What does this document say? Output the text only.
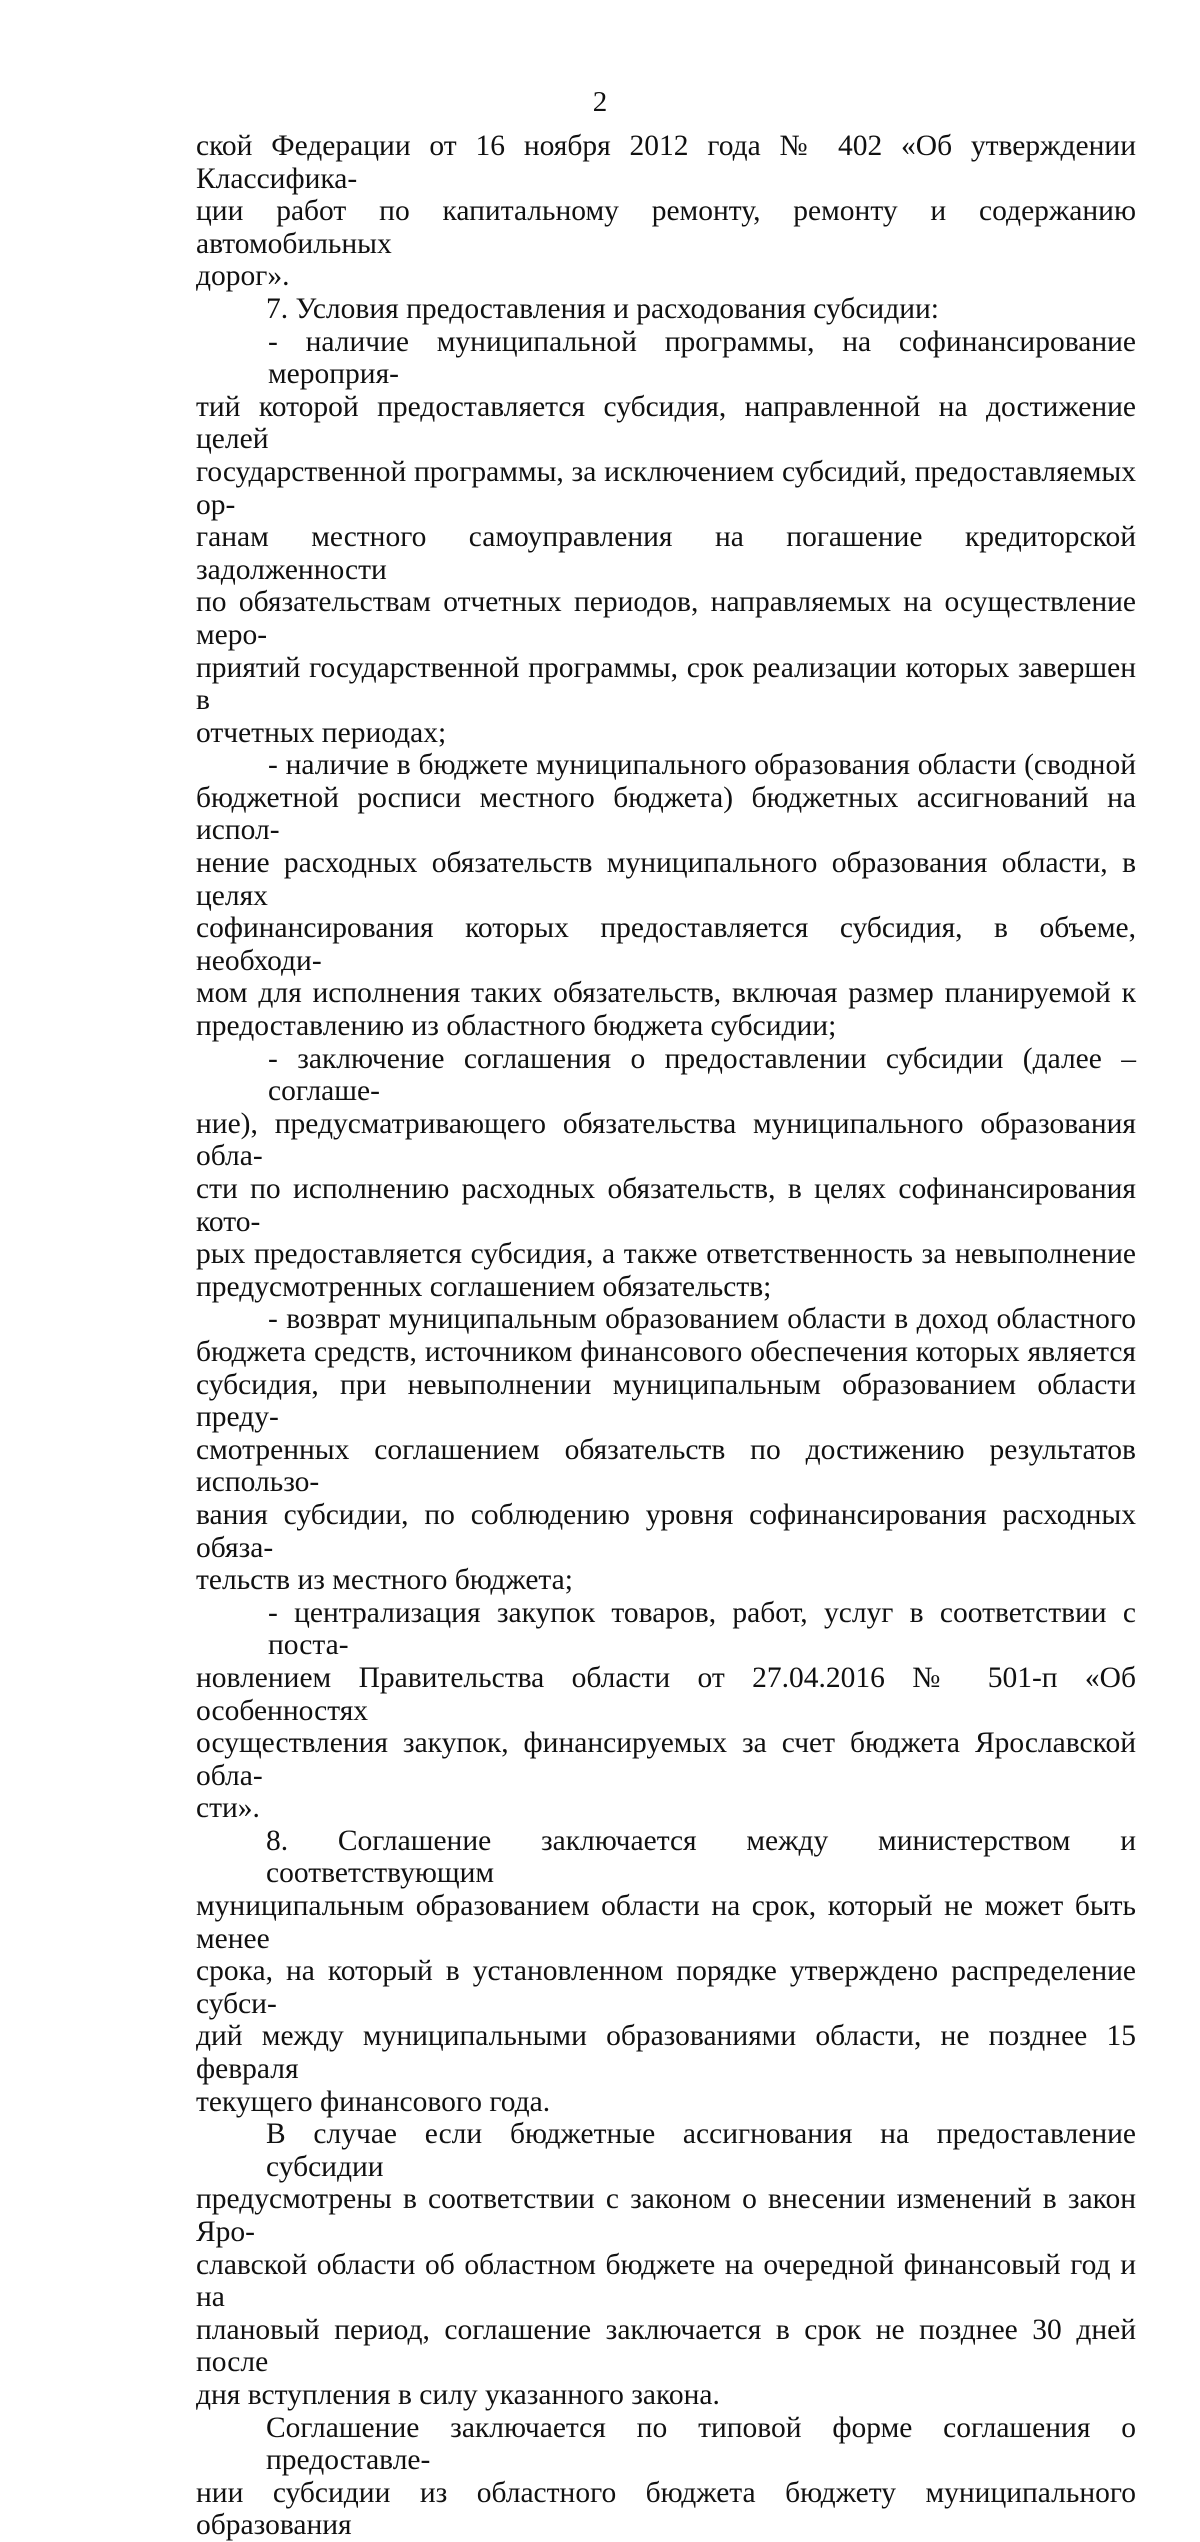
2

ской Федерации от 16 ноября 2012 года № 402 «Об утверждении Классифика-

ции работ по капитальному ремонту, ремонту и содержанию автомобильных

дорог».

7. Условия предоставления и расходования субсидии:

- наличие муниципальной программы, на софинансирование мероприя-

тий которой предоставляется субсидия, направленной на достижение целей

государственной программы, за исключением субсидий, предоставляемых ор-

ганам местного самоуправления на погашение кредиторской задолженности

по обязательствам отчетных периодов, направляемых на осуществление меро-

приятий государственной программы, срок реализации которых завершен в

отчетных периодах;

- наличие в бюджете муниципального образования области (сводной

бюджетной росписи местного бюджета) бюджетных ассигнований на испол-

нение расходных обязательств муниципального образования области, в целях

софинансирования которых предоставляется субсидия, в объеме, необходи-

мом для исполнения таких обязательств, включая размер планируемой к

предоставлению из областного бюджета субсидии;

- заключение соглашения о предоставлении субсидии (далее – соглаше-

ние), предусматривающего обязательства муниципального образования обла-

сти по исполнению расходных обязательств, в целях софинансирования кото-

рых предоставляется субсидия, а также ответственность за невыполнение

предусмотренных соглашением обязательств;

- возврат муниципальным образованием области в доход областного

бюджета средств, источником финансового обеспечения которых является

субсидия, при невыполнении муниципальным образованием области преду-

смотренных соглашением обязательств по достижению результатов использо-

вания субсидии, по соблюдению уровня софинансирования расходных обяза-

тельств из местного бюджета;

- централизация закупок товаров, работ, услуг в соответствии с поста-

новлением Правительства области от 27.04.2016 № 501-п «Об особенностях

осуществления закупок, финансируемых за счет бюджета Ярославской обла-

сти».

8. Соглашение заключается между министерством и соответствующим

муниципальным образованием области на срок, который не может быть менее

срока, на который в установленном порядке утверждено распределение субси-

дий между муниципальными образованиями области, не позднее 15 февраля

текущего финансового года.

В случае если бюджетные ассигнования на предоставление субсидии

предусмотрены в соответствии с законом о внесении изменений в закон Яро-

славской области об областном бюджете на очередной финансовый год и на

плановый период, соглашение заключается в срок не позднее 30 дней после

дня вступления в силу указанного закона.

Соглашение заключается по типовой форме соглашения о предоставле-

нии субсидии из областного бюджета бюджету муниципального образования
